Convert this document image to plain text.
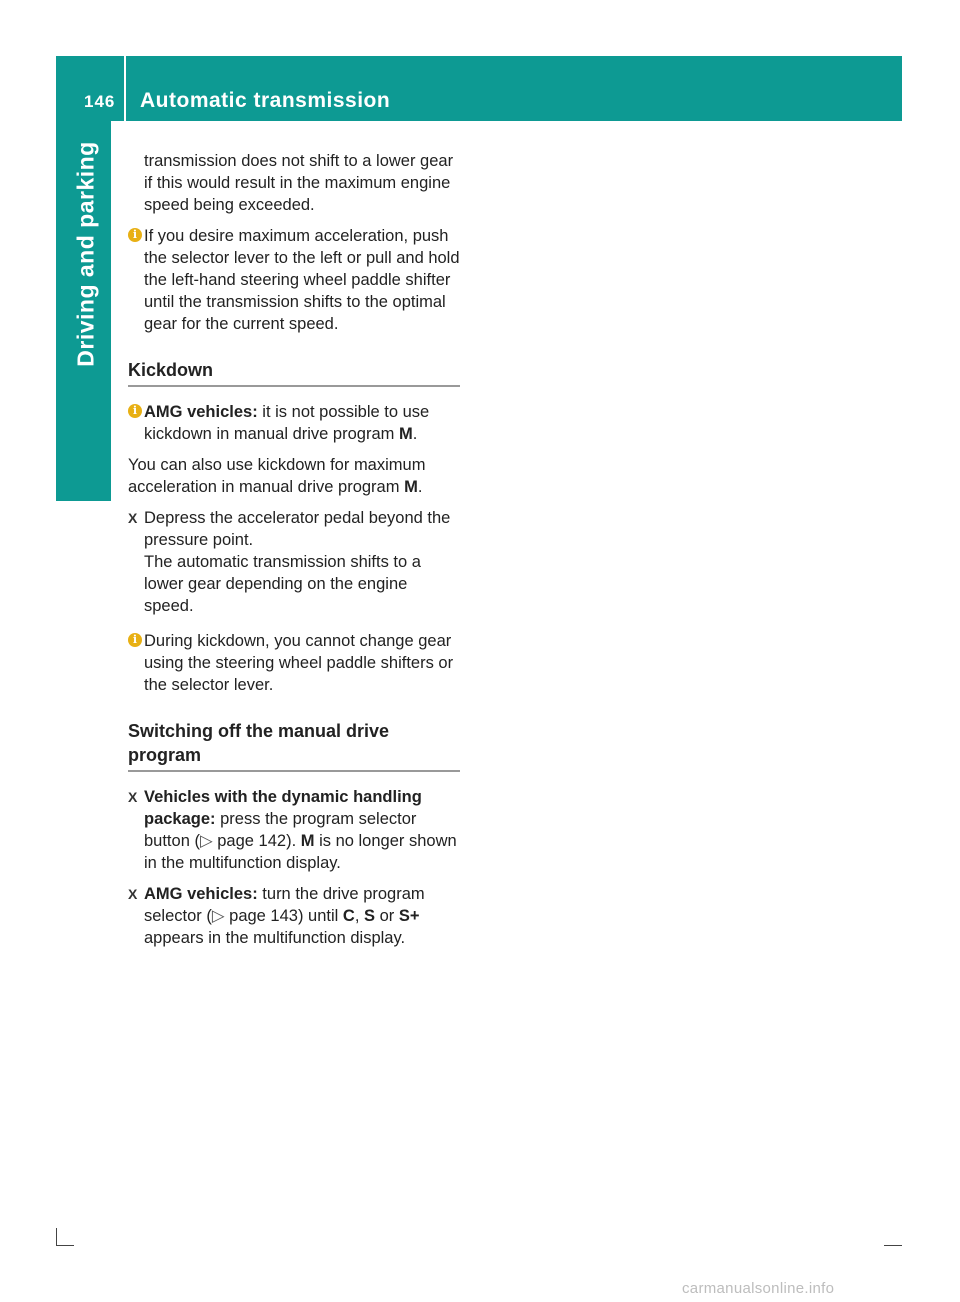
146 Automatic transmission
Driving and parking	transmission does not shift to a lower gear if this would result in the maximum engine speed being exceeded.

i If you desire maximum acceleration, push the selector lever to the left or pull and hold the left-hand steering wheel paddle shifter until the transmission shifts to the optimal gear for the current speed.
Kickdown
i AMG vehicles: it is not possible to use kickdown in manual drive program M.

You can also use kickdown for maximum acceleration in manual drive program M.

X Depress the accelerator pedal beyond the pressure point.
The automatic transmission shifts to a lower gear depending on the engine speed.
i During kickdown, you cannot change gear using the steering wheel paddle shifters or the selector lever.
Switching off the manual drive program
X Vehicles with the dynamic handling package: press the program selector button (▷ page 142). M is no longer shown in the multifunction display.
X AMG vehicles: turn the drive program selector (▷ page 143) until C, S or S+ appears in the multifunction display.
carmanualsonline.info
